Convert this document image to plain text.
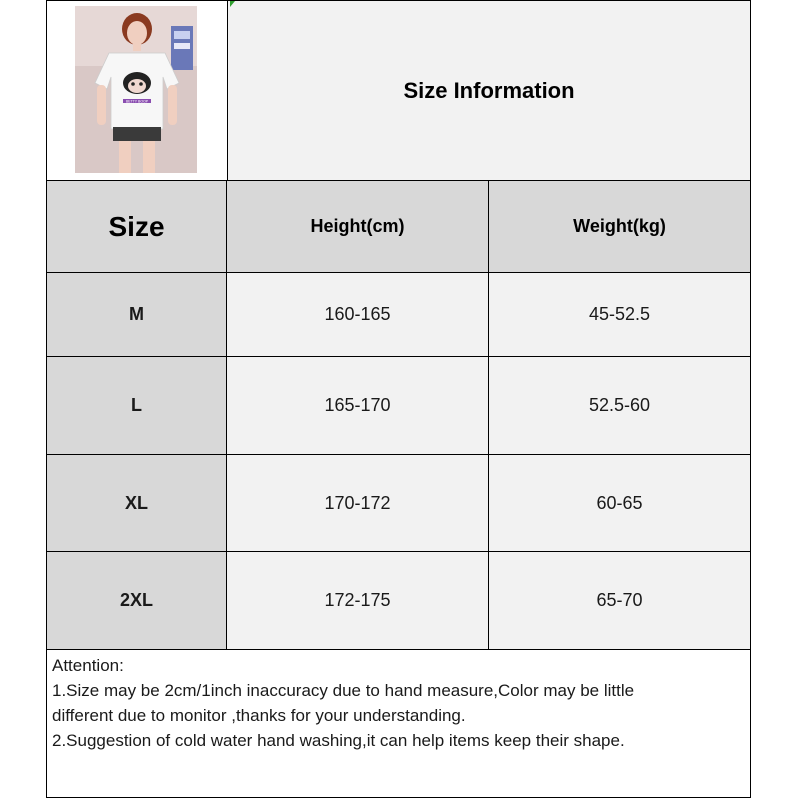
BETTY BOOP	Size Information
Size	Height(cm)	Weight(kg)
M	160-165	45-52.5
L	165-170	52.5-60
XL	170-172	60-65
2XL	172-175	65-70
Attention:
1.Size may be 2cm/1inch inaccuracy due to hand measure,Color may be little
different due to monitor ,thanks for your understanding.
2.Suggestion of cold water hand washing,it can help items keep their shape.
